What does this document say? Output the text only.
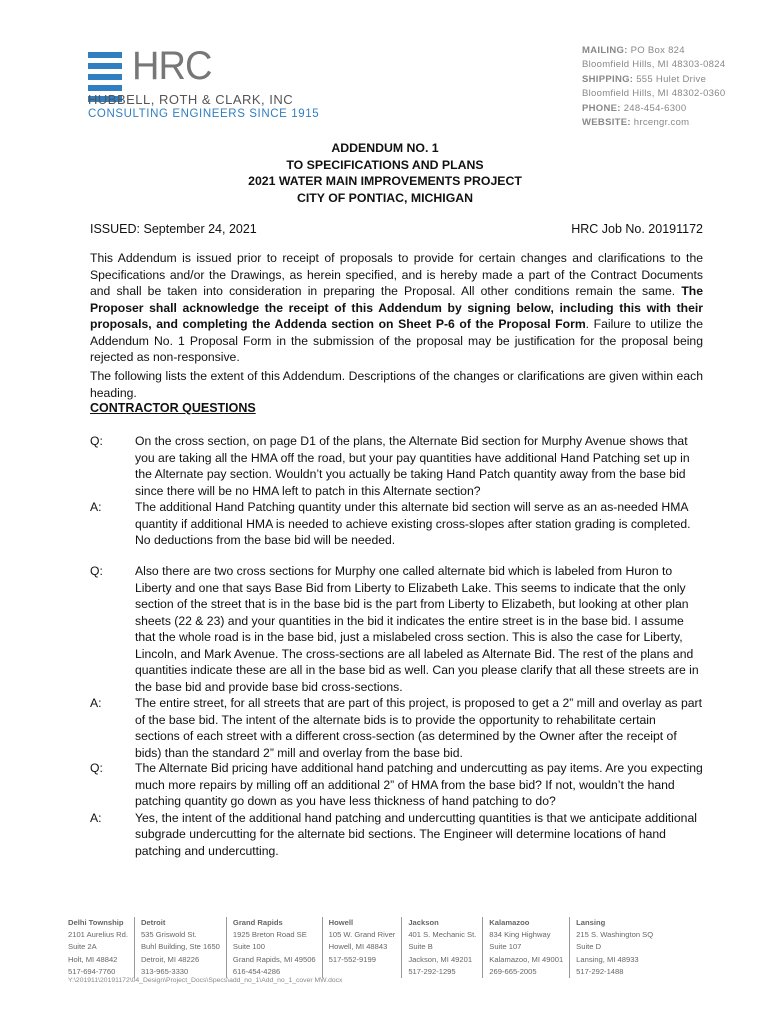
HRC
HUBBELL, ROTH & CLARK, INC
CONSULTING ENGINEERS SINCE 1915
MAILING: PO Box 824
Bloomfield Hills, MI 48303-0824
SHIPPING: 555 Hulet Drive
Bloomfield Hills, MI 48302-0360
PHONE: 248-454-6300
WEBSITE: hrcengr.com
ADDENDUM NO. 1
TO SPECIFICATIONS AND PLANS
2021 WATER MAIN IMPROVEMENTS PROJECT
CITY OF PONTIAC, MICHIGAN
ISSUED: September 24, 2021	HRC Job No. 20191172
This Addendum is issued prior to receipt of proposals to provide for certain changes and clarifications to the Specifications and/or the Drawings, as herein specified, and is hereby made a part of the Contract Documents and shall be taken into consideration in preparing the Proposal. All other conditions remain the same. The Proposer shall acknowledge the receipt of this Addendum by signing below, including this with their proposals, and completing the Addenda section on Sheet P-6 of the Proposal Form. Failure to utilize the Addendum No. 1 Proposal Form in the submission of the proposal may be justification for the proposal being rejected as non-responsive.
The following lists the extent of this Addendum. Descriptions of the changes or clarifications are given within each heading.
CONTRACTOR QUESTIONS
Q:	On the cross section, on page D1 of the plans, the Alternate Bid section for Murphy Avenue shows that you are taking all the HMA off the road, but your pay quantities have additional Hand Patching set up in the Alternate pay section. Wouldn’t you actually be taking Hand Patch quantity away from the base bid since there will be no HMA left to patch in this Alternate section?
A:	The additional Hand Patching quantity under this alternate bid section will serve as an as-needed HMA quantity if additional HMA is needed to achieve existing cross-slopes after station grading is completed. No deductions from the base bid will be needed.
Q:	Also there are two cross sections for Murphy one called alternate bid which is labeled from Huron to Liberty and one that says Base Bid from Liberty to Elizabeth Lake. This seems to indicate that the only section of the street that is in the base bid is the part from Liberty to Elizabeth, but looking at other plan sheets (22 & 23) and your quantities in the bid it indicates the entire street is in the base bid. I assume that the whole road is in the base bid, just a mislabeled cross section. This is also the case for Liberty, Lincoln, and Mark Avenue. The cross-sections are all labeled as Alternate Bid. The rest of the plans and quantities indicate these are all in the base bid as well. Can you please clarify that all these streets are in the base bid and provide base bid cross-sections.
A:	The entire street, for all streets that are part of this project, is proposed to get a 2” mill and overlay as part of the base bid. The intent of the alternate bids is to provide the opportunity to rehabilitate certain sections of each street with a different cross-section (as determined by the Owner after the receipt of bids) than the standard 2” mill and overlay from the base bid.
Q:	The Alternate Bid pricing have additional hand patching and undercutting as pay items. Are you expecting much more repairs by milling off an additional 2” of HMA from the base bid? If not, wouldn’t the hand patching quantity go down as you have less thickness of hand patching to do?
A:	Yes, the intent of the additional hand patching and undercutting quantities is that we anticipate additional subgrade undercutting for the alternate bid sections. The Engineer will determine locations of hand patching and undercutting.
Delhi Township
2101 Aurelius Rd.
Suite 2A
Holt, MI 48842
517-694-7760
Detroit
535 Griswold St.
Buhl Building, Ste 1650
Detroit, MI 48226
313-965-3330
Grand Rapids
1925 Breton Road SE
Suite 100
Grand Rapids, MI 49506
616-454-4286
Howell
105 W. Grand River
Howell, MI 48843
517-552-9199
Jackson
401 S. Mechanic St.
Suite B
Jackson, MI 49201
517-292-1295
Kalamazoo
834 King Highway
Suite 107
Kalamazoo, MI 49001
269-665-2005
Lansing
215 S. Washington SQ
Suite D
Lansing, MI 48933
517-292-1488
Y:\201911\20191172\04_Design\Project_Docs\Specs\add_no_1\Add_no_1_cover MW.docx
